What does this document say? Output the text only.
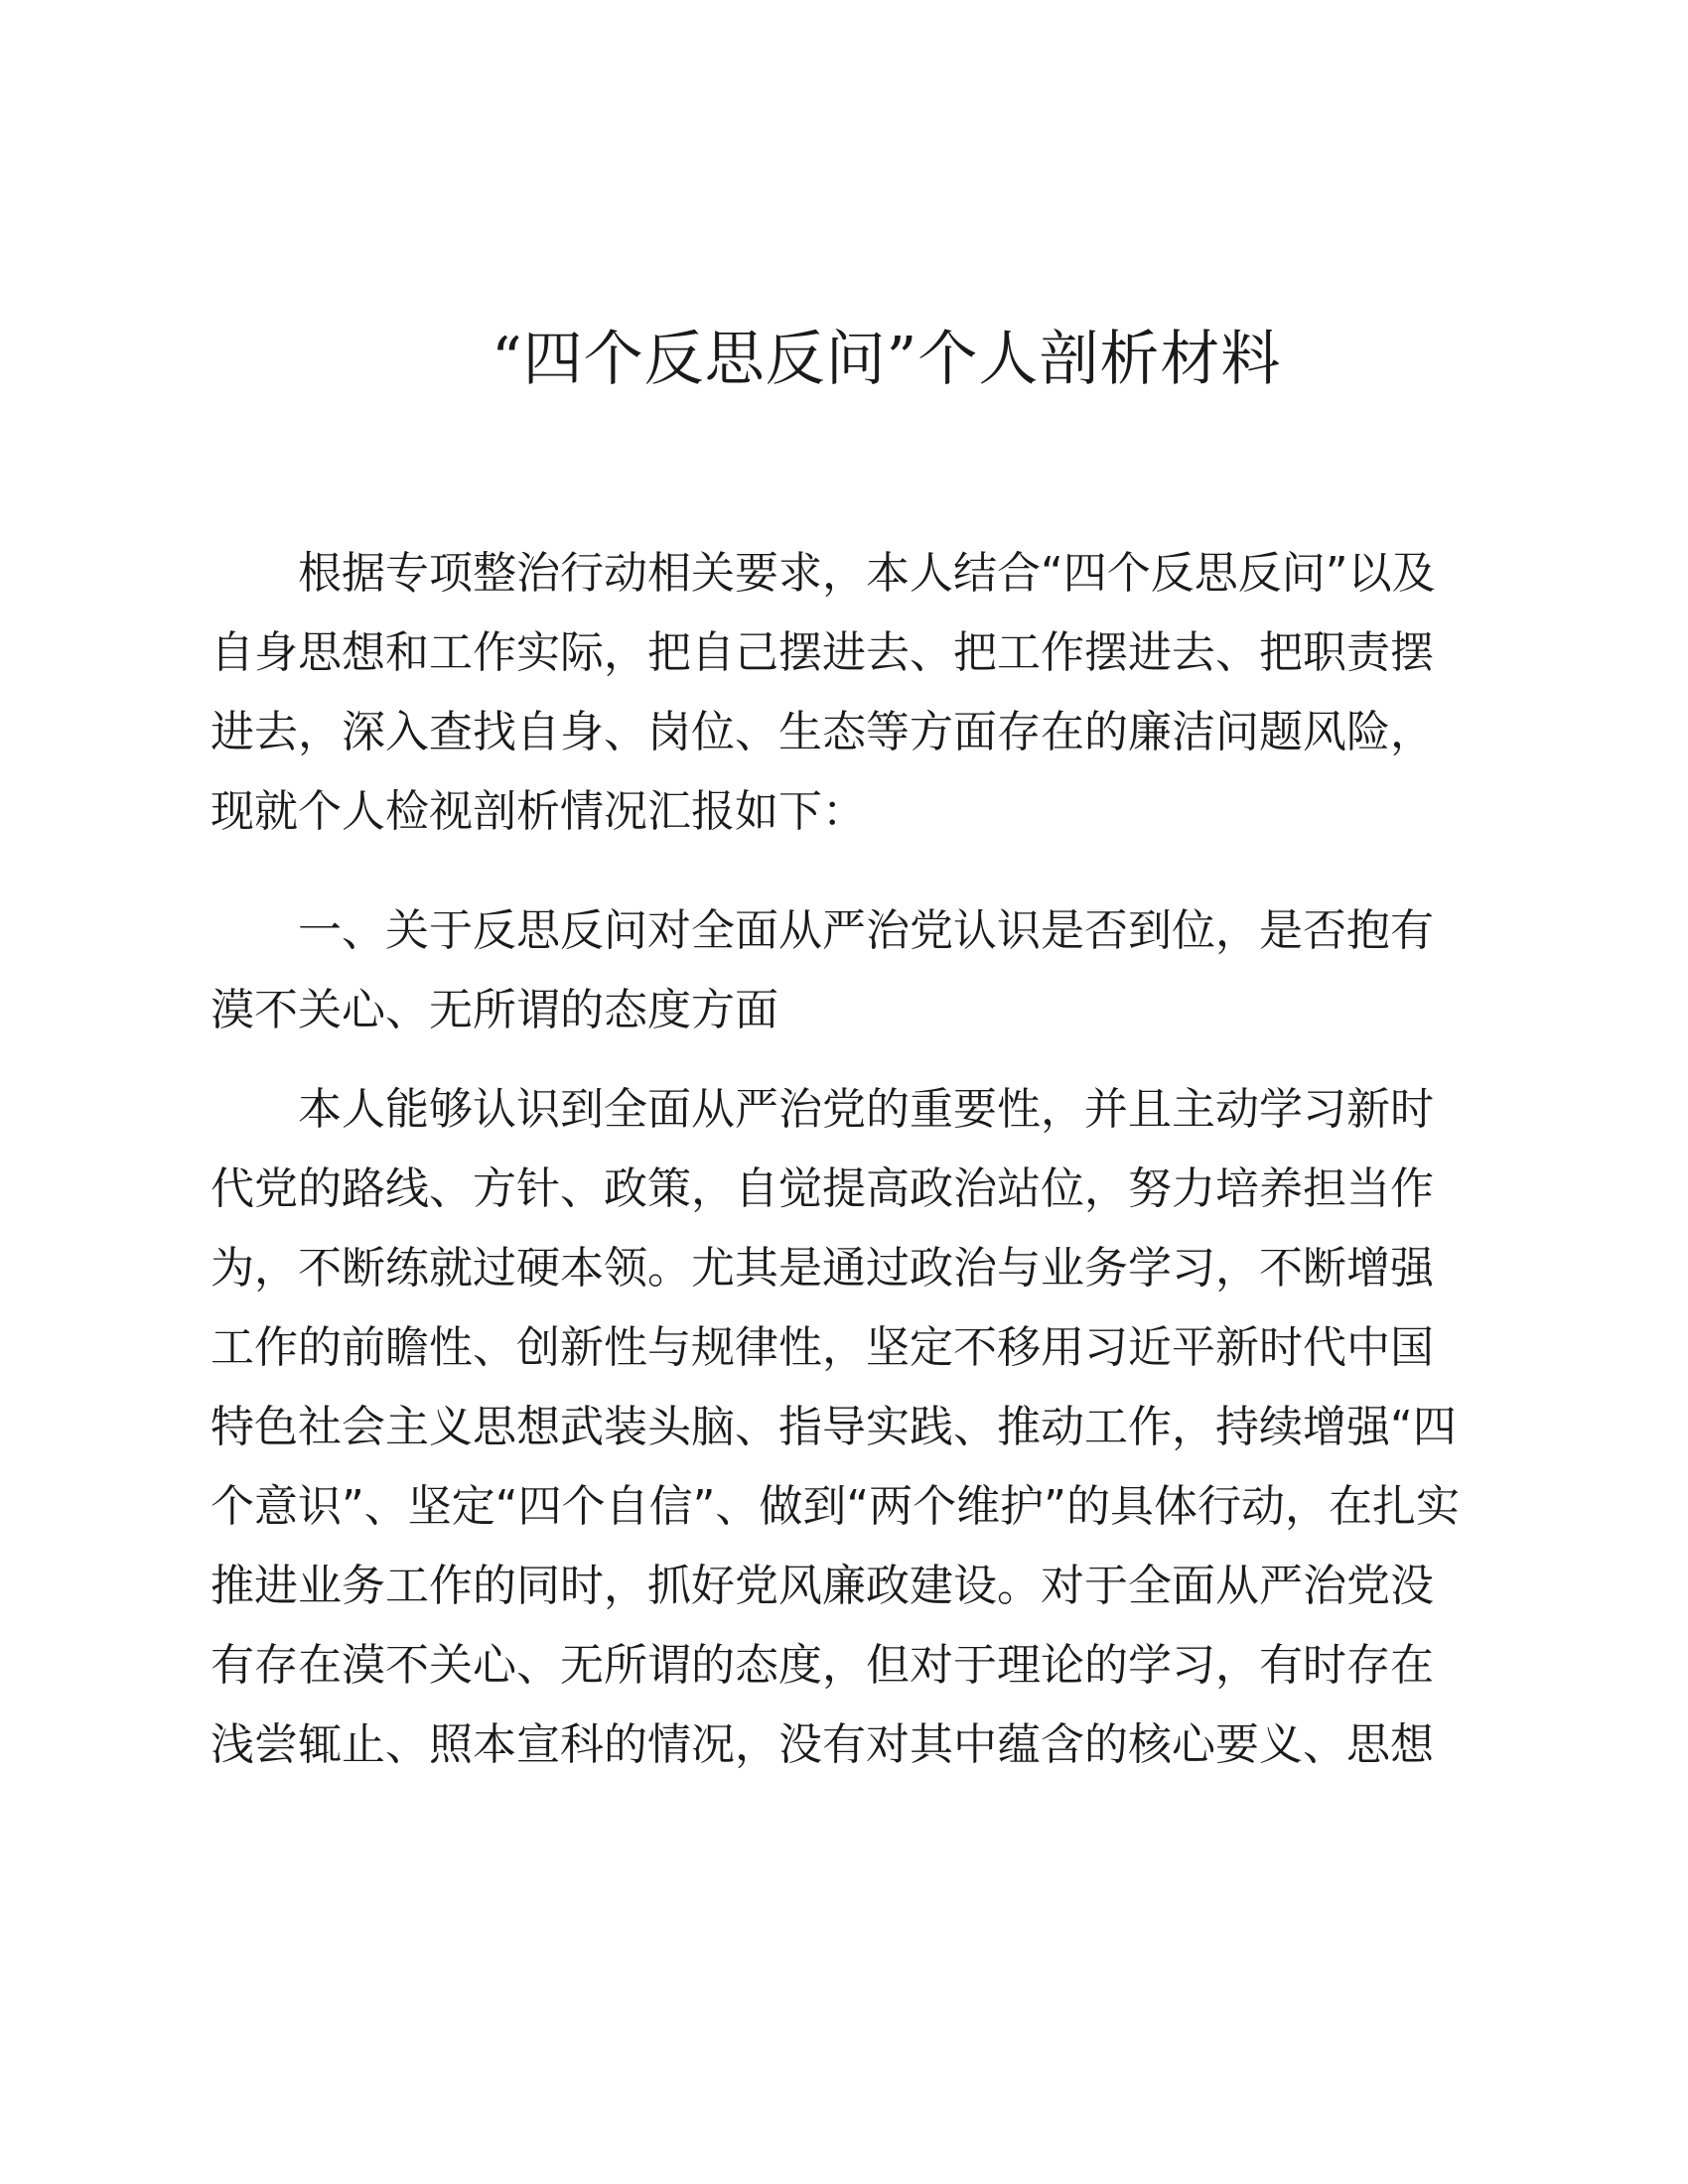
“四个反思反问”个人剖析材料

根据专项整治行动相关要求，本人结合“四个反思反问”以及
自身思想和工作实际，把自己摆进去、把工作摆进去、把职责摆
进去，深入查找自身、岗位、生态等方面存在的廉洁问题风险，
现就个人检视剖析情况汇报如下：

一、关于反思反问对全面从严治党认识是否到位，是否抱有
漠不关心、无所谓的态度方面

本人能够认识到全面从严治党的重要性，并且主动学习新时
代党的路线、方针、政策，自觉提高政治站位，努力培养担当作
为，不断练就过硬本领。尤其是通过政治与业务学习，不断增强
工作的前瞻性、创新性与规律性，坚定不移用习近平新时代中国
特色社会主义思想武装头脑、指导实践、推动工作，持续增强“四
个意识”、坚定“四个自信”、做到“两个维护”的具体行动，在扎实
推进业务工作的同时，抓好党风廉政建设。对于全面从严治党没
有存在漠不关心、无所谓的态度，但对于理论的学习，有时存在
浅尝辄止、照本宣科的情况，没有对其中蕴含的核心要义、思想
